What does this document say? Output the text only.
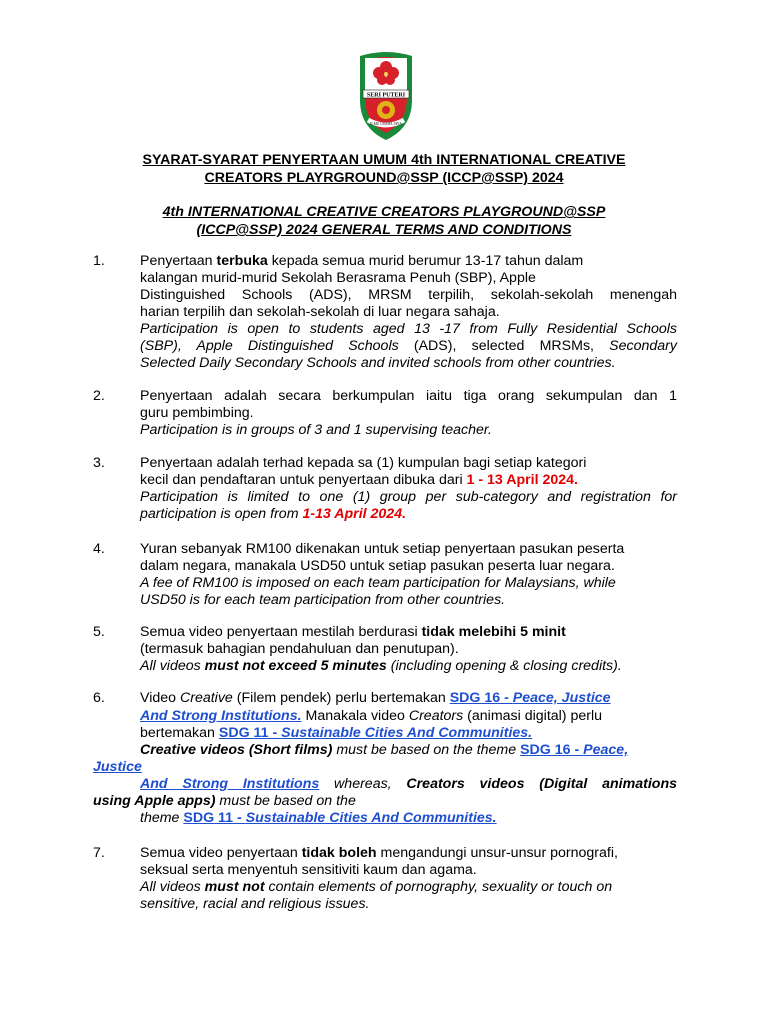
SERI PUTERI
ILMU USAHA JAYA
SYARAT-SYARAT PENYERTAAN UMUM 4th INTERNATIONAL CREATIVE
CREATORS PLAYRGROUND@SSP (ICCP@SSP) 2024
4th INTERNATIONAL CREATIVE CREATORS PLAYGROUND@SSP
(ICCP@SSP) 2024 GENERAL TERMS AND CONDITIONS
1. Penyertaan terbuka kepada semua murid berumur 13-17 tahun dalam
kalangan murid-murid Sekolah Berasrama Penuh (SBP), Apple
Distinguished Schools (ADS), MRSM terpilih, sekolah-sekolah menengah
harian terpilih dan sekolah-sekolah di luar negara sahaja.
Participation is open to students aged 13 -17 from Fully Residential Schools
(SBP), Apple Distinguished Schools (ADS), selected MRSMs, Secondary
Selected Daily Secondary Schools and invited schools from other countries.
2. Penyertaan adalah secara berkumpulan iaitu tiga orang sekumpulan dan 1
guru pembimbing.
Participation is in groups of 3 and 1 supervising teacher.
3. Penyertaan adalah terhad kepada sa (1) kumpulan bagi setiap kategori
kecil dan pendaftaran untuk penyertaan dibuka dari 1 - 13 April 2024.
Participation is limited to one (1) group per sub-category and registration for
participation is open from 1-13 April 2024.
4. Yuran sebanyak RM100 dikenakan untuk setiap penyertaan pasukan peserta
dalam negara, manakala USD50 untuk setiap pasukan peserta luar negara.
A fee of RM100 is imposed on each team participation for Malaysians, while
USD50 is for each team participation from other countries.
5. Semua video penyertaan mestilah berdurasi tidak melebihi 5 minit
(termasuk bahagian pendahuluan dan penutupan).
All videos must not exceed 5 minutes (including opening & closing credits).
6. Video Creative (Filem pendek) perlu bertemakan SDG 16 - Peace, Justice
And Strong Institutions. Manakala video Creators (animasi digital) perlu
bertemakan SDG 11 - Sustainable Cities And Communities.
Creative videos (Short films) must be based on the theme SDG 16 - Peace,
Justice
And Strong Institutions whereas, Creators videos (Digital animations
using Apple apps) must be based on the
theme SDG 11 - Sustainable Cities And Communities.
7. Semua video penyertaan tidak boleh mengandungi unsur-unsur pornografi,
seksual serta menyentuh sensitiviti kaum dan agama.
All videos must not contain elements of pornography, sexuality or touch on
sensitive, racial and religious issues.
